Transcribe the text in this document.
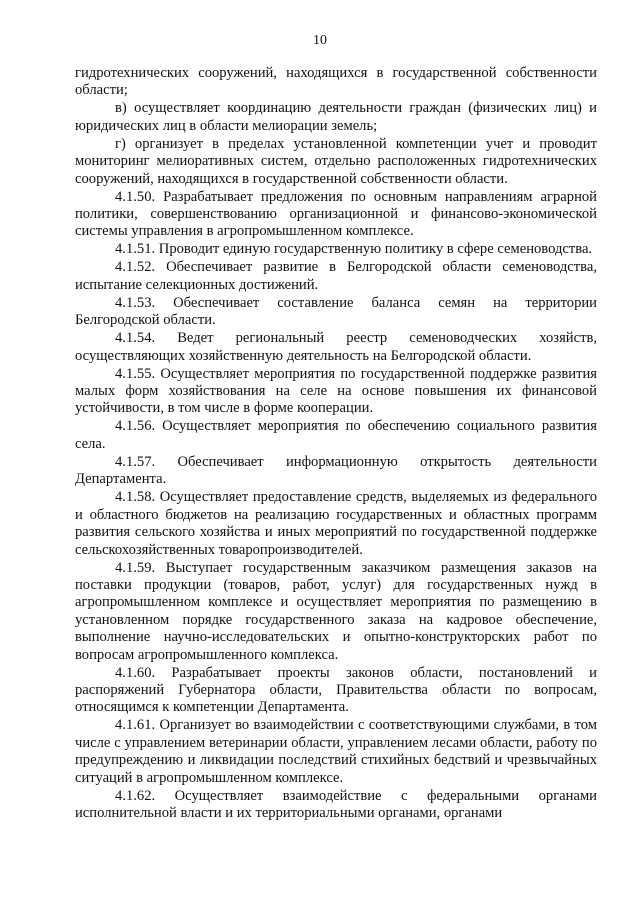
10

гидротехнических сооружений, находящихся в государственной собственности области;

в) осуществляет координацию деятельности граждан (физических лиц) и юридических лиц в области мелиорации земель;

г) организует в пределах установленной компетенции учет и проводит мониторинг мелиоративных систем, отдельно расположенных гидротехнических сооружений, находящихся в государственной собственности области.

4.1.50. Разрабатывает предложения по основным направлениям аграрной политики, совершенствованию организационной и финансово-экономической системы управления в агропромышленном комплексе.

4.1.51. Проводит единую государственную политику в сфере семеноводства.

4.1.52. Обеспечивает развитие в Белгородской области семеноводства, испытание селекционных достижений.

4.1.53. Обеспечивает составление баланса семян на территории Белгородской области.

4.1.54. Ведет региональный реестр семеноводческих хозяйств, осуществляющих хозяйственную деятельность на Белгородской области.

4.1.55. Осуществляет мероприятия по государственной поддержке развития малых форм хозяйствования на селе на основе повышения их финансовой устойчивости, в том числе в форме кооперации.

4.1.56. Осуществляет мероприятия по обеспечению социального развития села.

4.1.57. Обеспечивает информационную открытость деятельности Департамента.

4.1.58. Осуществляет предоставление средств, выделяемых из федерального и областного бюджетов на реализацию государственных и областных программ развития сельского хозяйства и иных мероприятий по государственной поддержке сельскохозяйственных товаропроизводителей.

4.1.59. Выступает государственным заказчиком размещения заказов на поставки продукции (товаров, работ, услуг) для государственных нужд в агропромышленном комплексе и осуществляет мероприятия по размещению в установленном порядке государственного заказа на кадровое обеспечение, выполнение научно-исследовательских и опытно-конструкторских работ по вопросам агропромышленного комплекса.

4.1.60. Разрабатывает проекты законов области, постановлений и распоряжений Губернатора области, Правительства области по вопросам, относящимся к компетенции Департамента.

4.1.61. Организует во взаимодействии с соответствующими службами, в том числе с управлением ветеринарии области, управлением лесами области, работу по предупреждению и ликвидации последствий стихийных бедствий и чрезвычайных ситуаций в агропромышленном комплексе.

4.1.62. Осуществляет взаимодействие с федеральными органами исполнительной власти и их территориальными органами, органами
